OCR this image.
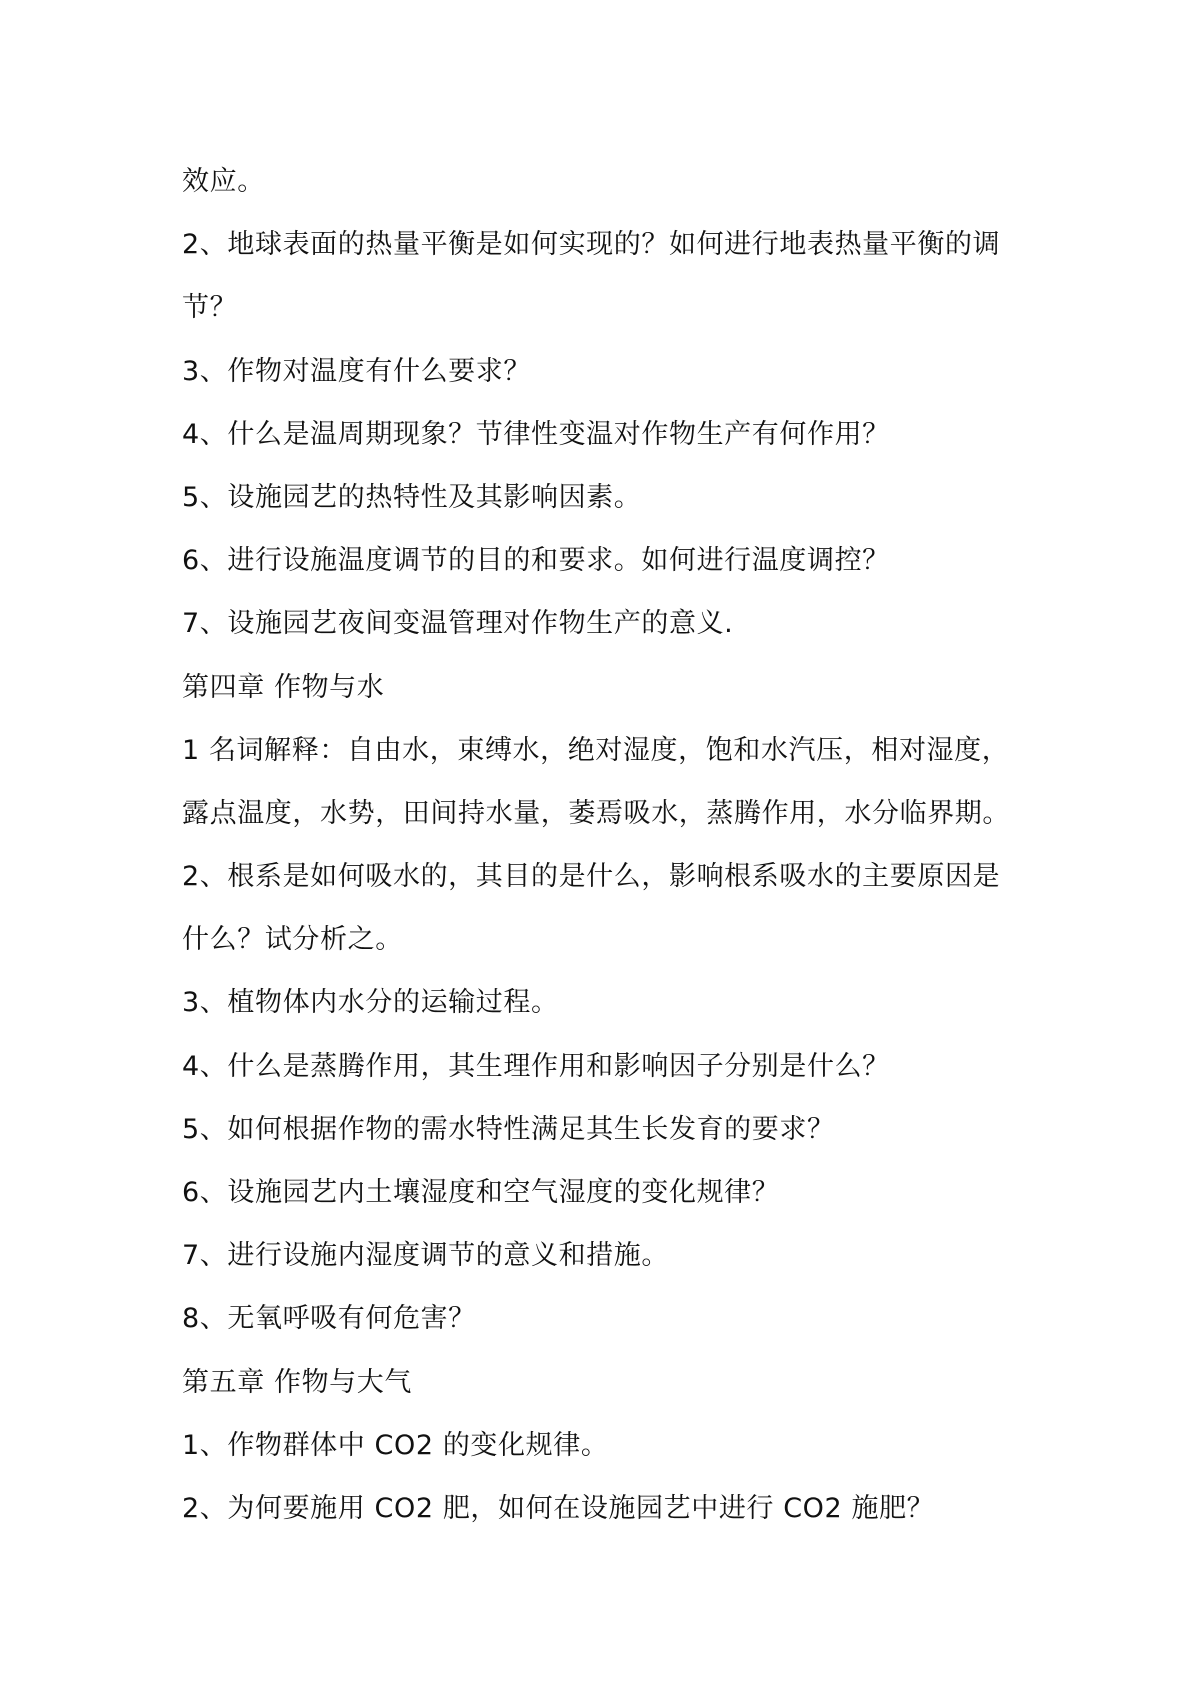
效应。
2、地球表面的热量平衡是如何实现的？如何进行地表热量平衡的调
节？
3、作物对温度有什么要求？
4、什么是温周期现象？节律性变温对作物生产有何作用？
5、设施园艺的热特性及其影响因素。
6、进行设施温度调节的目的和要求。如何进行温度调控？
7、设施园艺夜间变温管理对作物生产的意义.
第四章 作物与水
1 名词解释：自由水，束缚水，绝对湿度，饱和水汽压，相对湿度，
露点温度，水势，田间持水量，萎焉吸水，蒸腾作用，水分临界期。
2、根系是如何吸水的，其目的是什么，影响根系吸水的主要原因是
什么？试分析之。
3、植物体内水分的运输过程。
4、什么是蒸腾作用，其生理作用和影响因子分别是什么？
5、如何根据作物的需水特性满足其生长发育的要求？
6、设施园艺内土壤湿度和空气湿度的变化规律？
7、进行设施内湿度调节的意义和措施。
8、无氧呼吸有何危害？
第五章 作物与大气
1、作物群体中 CO2 的变化规律。
2、为何要施用 CO2 肥，如何在设施园艺中进行 CO2 施肥？
